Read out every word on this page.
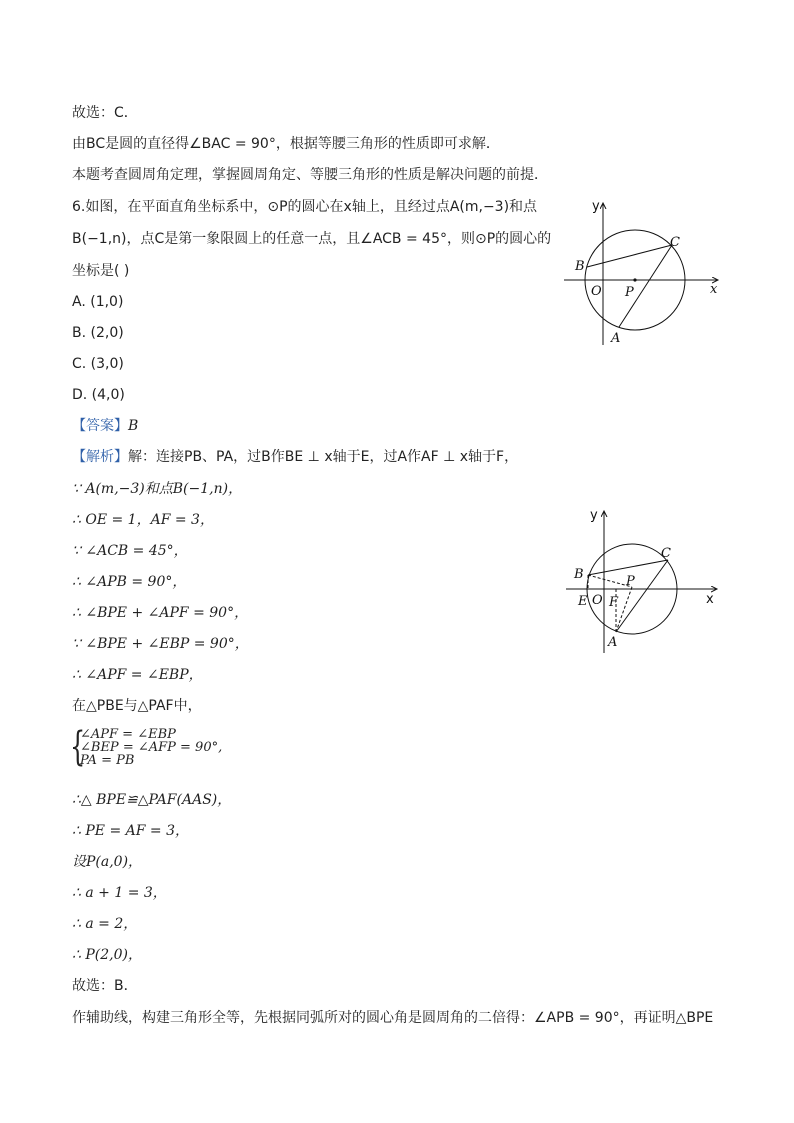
故选：C．
由BC是圆的直径得∠BAC = 90°，根据等腰三角形的性质即可求解．
本题考查圆周角定理，掌握圆周角定、等腰三角形的性质是解决问题的前提．
6.如图，在平面直角坐标系中，⊙P的圆心在x轴上，且经过点A(m,−3)和点
B(−1,n)，点C是第一象限圆上的任意一点，且∠ACB = 45°，则⊙P的圆心的
坐标是( )
A. (1,0)
B. (2,0)
C. (3,0)
D. (4,0)
【答案】B
【解析】解：连接PB、PA，过B作BE ⊥ x轴于E，过A作AF ⊥ x轴于F，
∵ A(m,−3)和点B(−1,n)，
∴ OE = 1，AF = 3，
∵ ∠ACB = 45°，
∴ ∠APB = 90°，
∴ ∠BPE + ∠APF = 90°，
∵ ∠BPE + ∠EBP = 90°，
∴ ∠APF = ∠EBP，
在△PBE与△PAF中，
{
∠APF = ∠EBP
∠BEP = ∠AFP = 90°,
PA = PB
∴△ BPE≌△PAF(AAS)，
∴ PE = AF = 3，
设P(a,0)，
∴ a + 1 = 3，
∴ a = 2，
∴ P(2,0)，
故选：B．
作辅助线，构建三角形全等，先根据同弧所对的圆心角是圆周角的二倍得：∠APB = 90°，再证明△BPE
y
x
O P
A
B
C
y
x
O
P
A
B
C
E F
